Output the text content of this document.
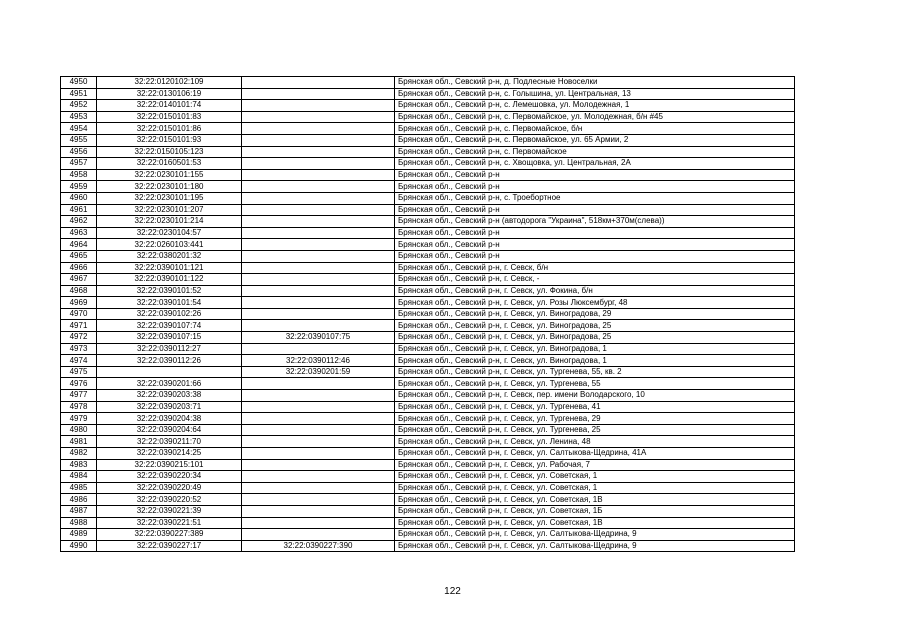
4950	32:22:0120102:109		Брянская обл., Севский р-н, д. Подлесные Новоселки
4951	32:22:0130106:19		Брянская обл., Севский р-н, с. Голышина, ул. Центральная, 13
4952	32:22:0140101:74		Брянская обл., Севский р-н, с. Лемешовка, ул. Молодежная, 1
4953	32:22:0150101:83		Брянская обл., Севский р-н, с. Первомайское, ул. Молодежная, б/н #45
4954	32:22:0150101:86		Брянская обл., Севский р-н, с. Первомайское, б/н
4955	32:22:0150101:93		Брянская обл., Севский р-н, с. Первомайское, ул. 65 Армии, 2
4956	32:22:0150105:123		Брянская обл., Севский р-н, с. Первомайское
4957	32:22:0160501:53		Брянская обл., Севский р-н, с. Хвощовка, ул. Центральная, 2А
4958	32:22:0230101:155		Брянская обл., Севский р-н
4959	32:22:0230101:180		Брянская обл., Севский р-н
4960	32:22:0230101:195		Брянская обл., Севский р-н, с. Троебортное
4961	32:22:0230101:207		Брянская обл., Севский р-н
4962	32:22:0230101:214		Брянская обл., Севский р-н (автодорога "Украина", 518км+370м(слева))
4963	32:22:0230104:57		Брянская обл., Севский р-н
4964	32:22:0260103:441		Брянская обл., Севский р-н
4965	32:22:0380201:32		Брянская обл., Севский р-н
4966	32:22:0390101:121		Брянская обл., Севский р-н, г. Севск, б/н
4967	32:22:0390101:122		Брянская обл., Севский р-н, г. Севск, -
4968	32:22:0390101:52		Брянская обл., Севский р-н, г. Севск, ул. Фокина, б/н
4969	32:22:0390101:54		Брянская обл., Севский р-н, г. Севск, ул. Розы Люксембург, 48
4970	32:22:0390102:26		Брянская обл., Севский р-н, г. Севск, ул. Виноградова, 29
4971	32:22:0390107:74		Брянская обл., Севский р-н, г. Севск, ул. Виноградова, 25
4972	32:22:0390107:15	32:22:0390107:75	Брянская обл., Севский р-н, г. Севск, ул. Виноградова, 25
4973	32:22:0390112:27		Брянская обл., Севский р-н, г. Севск, ул. Виноградова, 1
4974	32:22:0390112:26	32:22:0390112:46	Брянская обл., Севский р-н, г. Севск, ул. Виноградова, 1
4975		32:22:0390201:59	Брянская обл., Севский р-н, г. Севск, ул. Тургенева, 55, кв. 2
4976	32:22:0390201:66		Брянская обл., Севский р-н, г. Севск, ул. Тургенева, 55
4977	32:22:0390203:38		Брянская обл., Севский р-н, г. Севск, пер. имени Володарского, 10
4978	32:22:0390203:71		Брянская обл., Севский р-н, г. Севск, ул. Тургенева, 41
4979	32:22:0390204:38		Брянская обл., Севский р-н, г. Севск, ул. Тургенева, 29
4980	32:22:0390204:64		Брянская обл., Севский р-н, г. Севск, ул. Тургенева, 25
4981	32:22:0390211:70		Брянская обл., Севский р-н, г. Севск, ул. Ленина, 48
4982	32:22:0390214:25		Брянская обл., Севский р-н, г. Севск, ул. Салтыкова-Щедрина, 41А
4983	32:22:0390215:101		Брянская обл., Севский р-н, г. Севск, ул. Рабочая, 7
4984	32:22:0390220:34		Брянская обл., Севский р-н, г. Севск, ул. Советская, 1
4985	32:22:0390220:49		Брянская обл., Севский р-н, г. Севск, ул. Советская, 1
4986	32:22:0390220:52		Брянская обл., Севский р-н, г. Севск, ул. Советская, 1В
4987	32:22:0390221:39		Брянская обл., Севский р-н, г. Севск, ул. Советская, 1Б
4988	32:22:0390221:51		Брянская обл., Севский р-н, г. Севск, ул. Советская, 1В
4989	32:22:0390227:389		Брянская обл., Севский р-н, г. Севск, ул. Салтыкова-Щедрина, 9
4990	32:22:0390227:17	32:22:0390227:390	Брянская обл., Севский р-н, г. Севск, ул. Салтыкова-Щедрина, 9
122
